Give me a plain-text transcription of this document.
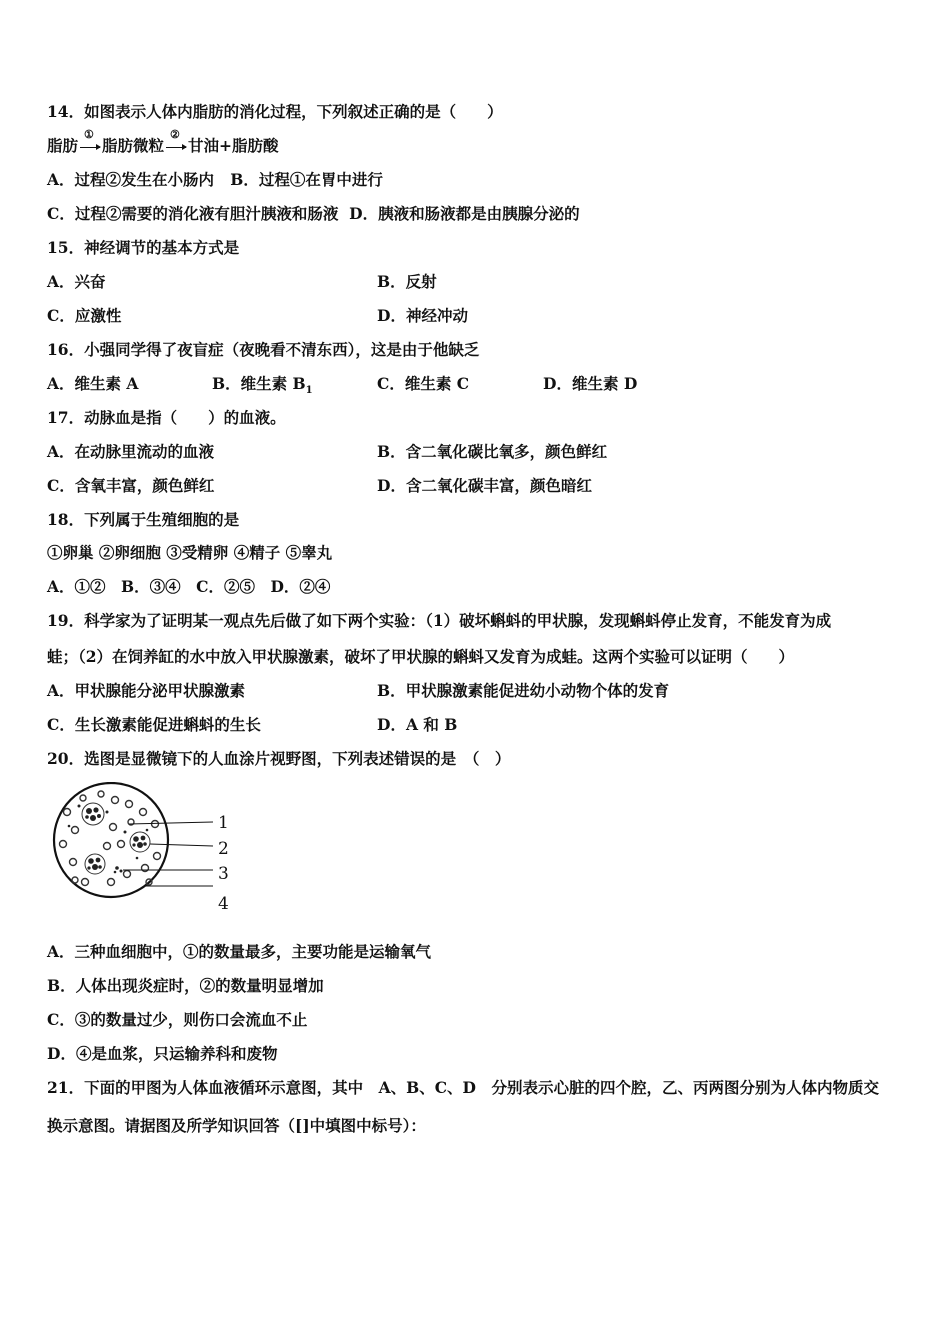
14．如图表示人体内脂肪的消化过程，下列叙述正确的是（　　）
脂肪
①
脂肪微粒
②
甘油+脂肪酸
A．过程②发生在小肠内 B．过程①在胃中进行
C．过程②需要的消化液有胆汁胰液和肠液 D．胰液和肠液都是由胰腺分泌的
15．神经调节的基本方式是
A．兴奋	B．反射
C．应激性	D．神经冲动
16．小强同学得了夜盲症（夜晚看不清东西），这是由于他缺乏
A．维生素 A	B．维生素 $B_1$	C．维生素 C	D．维生素 D
17．动脉血是指（　　）的血液。
A．在动脉里流动的血液	B．含二氧化碳比氧多，颜色鲜红
C．含氧丰富，颜色鲜红	D．含二氧化碳丰富，颜色暗红
18．下列属于生殖细胞的是
①卵巢 ②卵细胞 ③受精卵 ④精子 ⑤睾丸
A．①②　B．③④　C．②⑤　D．②④
19．科学家为了证明某一观点先后做了如下两个实验：（1）破坏蝌蚪的甲状腺，发现蝌蚪停止发育，不能发育为成
蛙；（2）在饲养缸的水中放入甲状腺激素，破坏了甲状腺的蝌蚪又发育为成蛙。这两个实验可以证明（　　）
A．甲状腺能分泌甲状腺激素	B．甲状腺激素能促进幼小动物个体的发育
C．生长激素能促进蝌蚪的生长	D．A 和 B
20．选图是显微镜下的人血涂片视野图，下列表述错误的是　（　）
1
2
3
4
A．三种血细胞中，①的数量最多，主要功能是运输氧气
B．人体出现炎症时，②的数量明显增加
C．③的数量过少，则伤口会流血不止
D．④是血浆，只运输养科和废物
21．下面的甲图为人体血液循环示意图，其中　A、B、C、D　分别表示心脏的四个腔，乙、丙两图分别为人体内物质交
换示意图。请据图及所学知识回答（[]中填图中标号）：
